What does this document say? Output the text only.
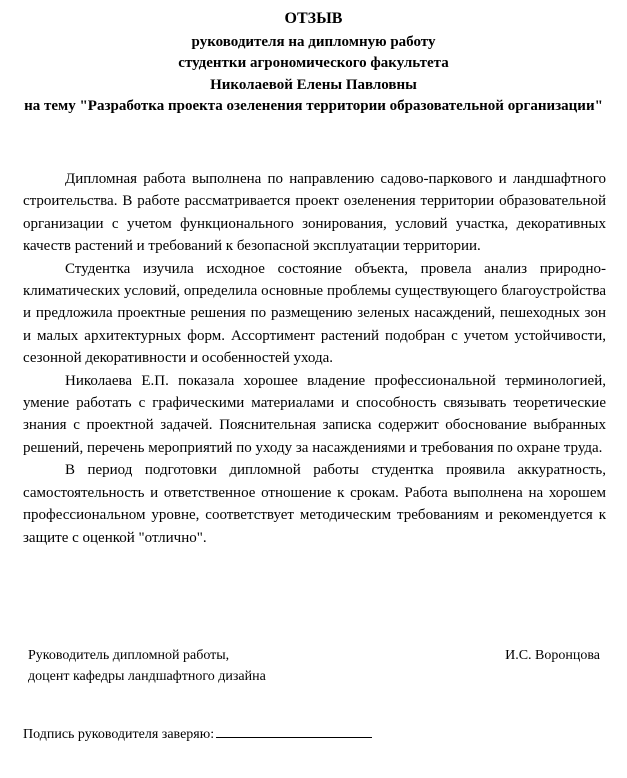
ОТЗЫВ
руководителя на дипломную работу
студентки агрономического факультета
Николаевой Елены Павловны
на тему "Разработка проекта озеленения территории образовательной организации"

Дипломная работа выполнена по направлению садово-паркового и ландшафтного строительства. В работе рассматривается проект озеленения территории образовательной организации с учетом функционального зонирования, условий участка, декоративных качеств растений и требований к безопасной эксплуатации территории.

Студентка изучила исходное состояние объекта, провела анализ природно-климатических условий, определила основные проблемы существующего благоустройства и предложила проектные решения по размещению зеленых насаждений, пешеходных зон и малых архитектурных форм. Ассортимент растений подобран с учетом устойчивости, сезонной декоративности и особенностей ухода.

Николаева Е.П. показала хорошее владение профессиональной терминологией, умение работать с графическими материалами и способность связывать теоретические знания с проектной задачей. Пояснительная записка содержит обоснование выбранных решений, перечень мероприятий по уходу за насаждениями и требования по охране труда.

В период подготовки дипломной работы студентка проявила аккуратность, самостоятельность и ответственное отношение к срокам. Работа выполнена на хорошем профессиональном уровне, соответствует методическим требованиям и рекомендуется к защите с оценкой "отлично".

Руководитель дипломной работы,
доцент кафедры ландшафтного дизайна
И.С. Воронцова
Подпись руководителя заверяю:
